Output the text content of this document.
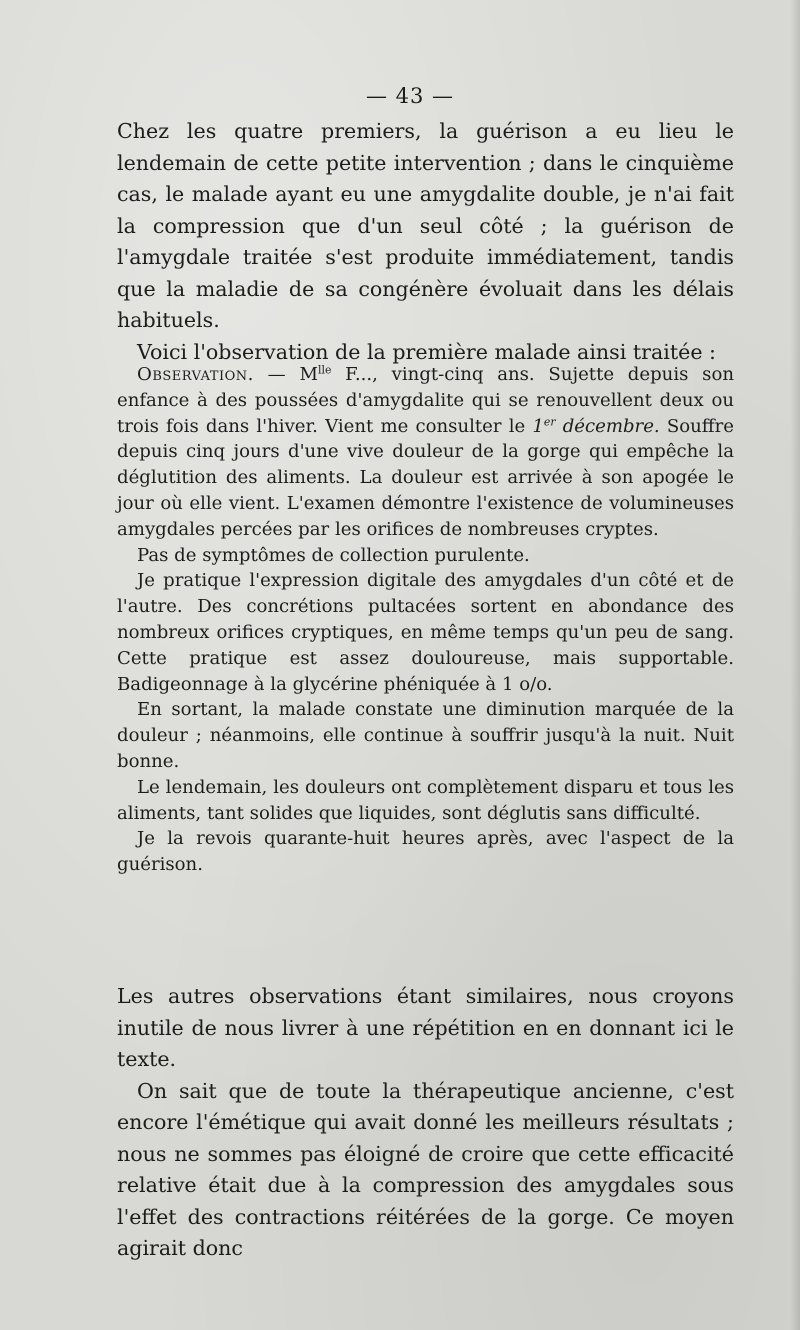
— 43 —

Chez les quatre premiers, la guérison a eu lieu le lendemain de cette petite intervention ; dans le cinquième cas, le malade ayant eu une amygdalite double, je n'ai fait la compression que d'un seul côté ; la guérison de l'amygdale traitée s'est produite immédiatement, tandis que la maladie de sa congénère évoluait dans les délais habituels.

Voici l'observation de la première malade ainsi traitée :

Observation. — $M^{lle}$ F..., vingt-cinq ans. Sujette depuis son enfance à des poussées d'amygdalite qui se renouvellent deux ou trois fois dans l'hiver. Vient me consulter le 1er décembre. Souffre depuis cinq jours d'une vive douleur de la gorge qui empêche la déglutition des aliments. La douleur est arrivée à son apogée le jour où elle vient. L'examen démontre l'existence de volumineuses amygdales percées par les orifices de nombreuses cryptes.

Pas de symptômes de collection purulente.

Je pratique l'expression digitale des amygdales d'un côté et de l'autre. Des concrétions pultacées sortent en abondance des nombreux orifices cryptiques, en même temps qu'un peu de sang. Cette pratique est assez douloureuse, mais supportable. Badigeonnage à la glycérine phéniquée à 1 o/o.

En sortant, la malade constate une diminution marquée de la douleur ; néanmoins, elle continue à souffrir jusqu'à la nuit. Nuit bonne.

Le lendemain, les douleurs ont complètement disparu et tous les aliments, tant solides que liquides, sont déglutis sans difficulté.

Je la revois quarante-huit heures après, avec l'aspect de la guérison.

Les autres observations étant similaires, nous croyons inutile de nous livrer à une répétition en en donnant ici le texte.

On sait que de toute la thérapeutique ancienne, c'est encore l'émétique qui avait donné les meilleurs résultats ; nous ne sommes pas éloigné de croire que cette efficacité relative était due à la compression des amygdales sous l'effet des contractions réitérées de la gorge. Ce moyen agirait donc
